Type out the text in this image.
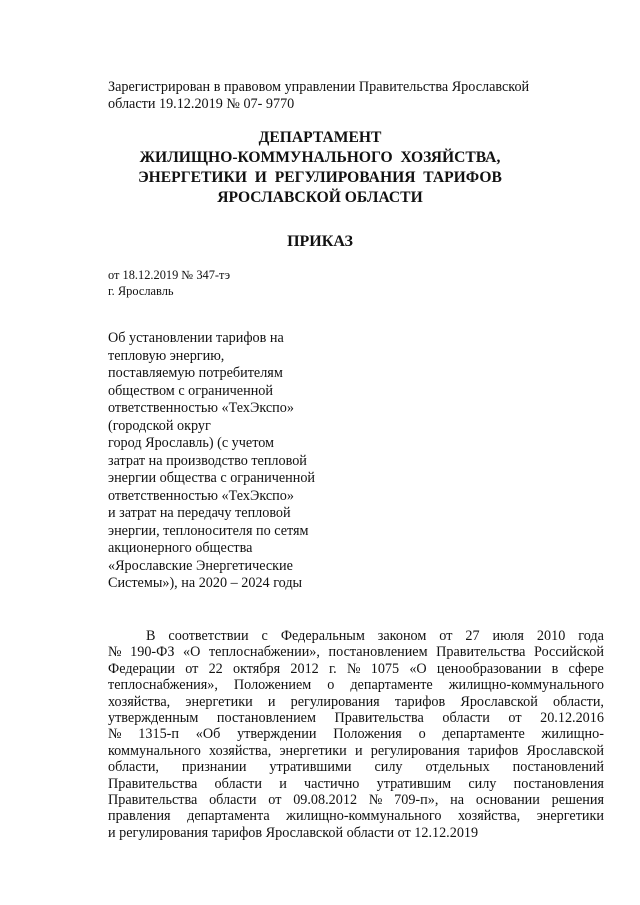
Зарегистрирован в правовом управлении Правительства Ярославской
области 19.12.2019 № 07- 9770
ДЕПАРТАМЕНТ
ЖИЛИЩНО-КОММУНАЛЬНОГО  ХОЗЯЙСТВА,
ЭНЕРГЕТИКИ  И  РЕГУЛИРОВАНИЯ  ТАРИФОВ
ЯРОСЛАВСКОЙ ОБЛАСТИ
ПРИКАЗ
от 18.12.2019 № 347-тэ
г. Ярославль
Об установлении тарифов на
тепловую энергию,
поставляемую потребителям
обществом с ограниченной
ответственностью «ТехЭкспо»
(городской округ
город Ярославль) (с учетом
затрат на производство тепловой
энергии общества с ограниченной
ответственностью «ТехЭкспо»
и затрат на передачу тепловой
энергии, теплоносителя по сетям
акционерного общества
«Ярославские Энергетические
Системы»), на 2020 – 2024 годы
В соответствии с Федеральным законом от 27 июля 2010 года
№ 190-ФЗ «О теплоснабжении», постановлением Правительства Российской
Федерации от 22 октября 2012 г. № 1075 «О ценообразовании в сфере
теплоснабжения», Положением о департаменте жилищно-коммунального
хозяйства, энергетики и регулирования тарифов Ярославской области,
утвержденным постановлением Правительства области от 20.12.2016
№ 1315-п «Об утверждении Положения о департаменте жилищно-
коммунального хозяйства, энергетики и регулирования тарифов Ярославской
области, признании утратившими силу отдельных постановлений
Правительства области и частично утратившим силу постановления
Правительства области от 09.08.2012 № 709-п», на основании решения
правления департамента жилищно-коммунального хозяйства, энергетики
и регулирования тарифов Ярославской области от 12.12.2019
